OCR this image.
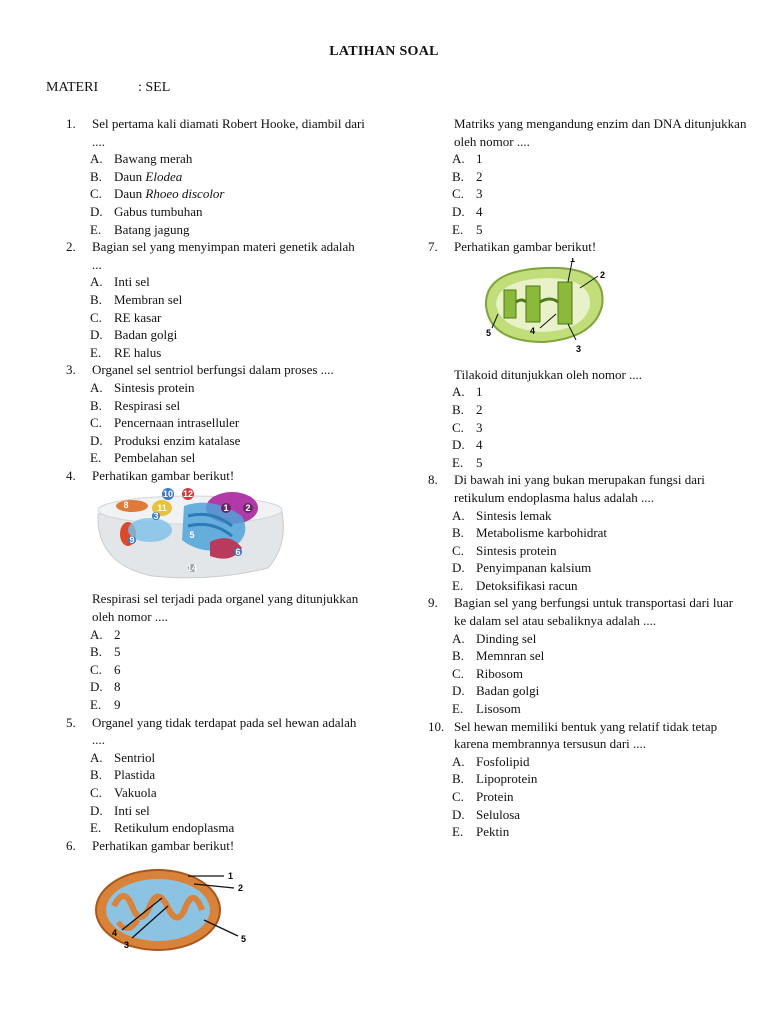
LATIHAN SOAL
MATERI	: SEL
1. Sel pertama kali diamati Robert Hooke, diambil dari ....
A. Bawang merah
B. Daun Elodea
C. Daun Rhoeo discolor
D. Gabus tumbuhan
E. Batang jagung
2. Bagian sel yang menyimpan materi genetik adalah ...
A. Inti sel
B. Membran sel
C. RE kasar
D. Badan golgi
E. RE halus
3. Organel sel sentriol berfungsi dalam proses ....
A. Sintesis protein
B. Respirasi sel
C. Pencernaan intraselluler
D. Produksi enzim katalase
E. Pembelahan sel
4. Perhatikan gambar berikut!
10 12
1 2
8	11
3
9	5
6
14
Respirasi sel terjadi pada organel yang ditunjukkan oleh nomor ....
A. 2
B. 5
C. 6
D. 8
E. 9
5. Organel yang tidak terdapat pada sel hewan adalah ....
A. Sentriol
B. Plastida
C. Vakuola
D. Inti sel
E. Retikulum endoplasma
6. Perhatikan gambar berikut!
1
2
4
3
5
Matriks yang mengandung enzim dan DNA ditunjukkan oleh nomor ....
A. 1
B. 2
C. 3
D. 4
E. 5
7. Perhatikan gambar berikut!
1
2
5	4
3
Tilakoid ditunjukkan oleh nomor ....
A. 1
B. 2
C. 3
D. 4
E. 5
8. Di bawah ini yang bukan merupakan fungsi dari retikulum endoplasma halus adalah ....
A. Sintesis lemak
B. Metabolisme karbohidrat
C. Sintesis protein
D. Penyimpanan kalsium
E. Detoksifikasi racun
9. Bagian sel yang berfungsi untuk transportasi dari luar ke dalam sel atau sebaliknya adalah ....
A. Dinding sel
B. Memnran sel
C. Ribosom
D. Badan golgi
E. Lisosom
10. Sel hewan memiliki bentuk yang relatif tidak tetap karena membrannya tersusun dari ....
A. Fosfolipid
B. Lipoprotein
C. Protein
D. Selulosa
E. Pektin
